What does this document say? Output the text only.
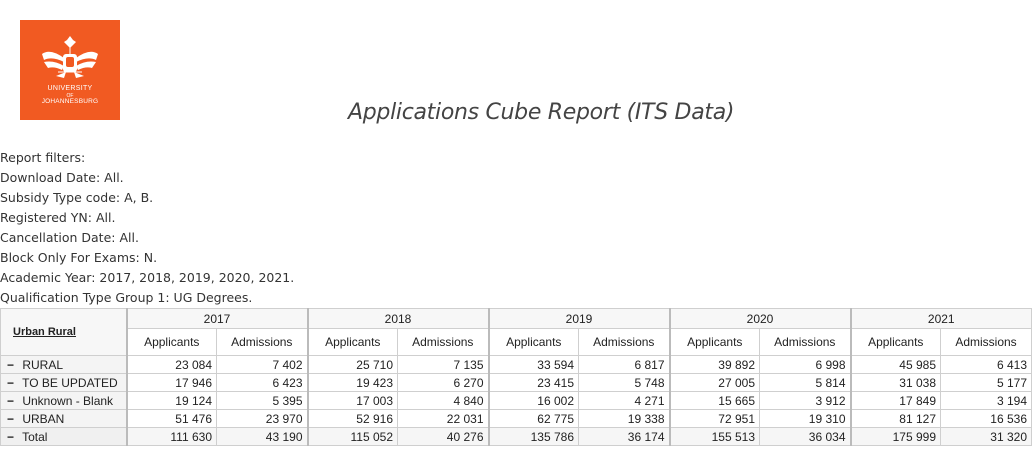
UNIVERSITY
OF
JOHANNESBURG	Applications Cube Report (ITS Data)
Report filters:
Download Date: All.
Subsidy Type code: A, B.
Registered YN: All.
Cancellation Date: All.
Block Only For Exams: N.
Academic Year: 2017, 2018, 2019, 2020, 2021.
Qualification Type Group 1: UG Degrees.
Urban Rural	2017		2018		2019		2020		2021	
	Applicants	Admissions	Applicants	Admissions	Applicants	Admissions	Applicants	Admissions	Applicants	Admissions
− RURAL	23 084	7 402	25 710	7 135	33 594	6 817	39 892	6 998	45 985	6 413
− TO BE UPDATED	17 946	6 423	19 423	6 270	23 415	5 748	27 005	5 814	31 038	5 177
− Unknown - Blank	19 124	5 395	17 003	4 840	16 002	4 271	15 665	3 912	17 849	3 194
− URBAN	51 476	23 970	52 916	22 031	62 775	19 338	72 951	19 310	81 127	16 536
− Total	111 630	43 190	115 052	40 276	135 786	36 174	155 513	36 034	175 999	31 320
